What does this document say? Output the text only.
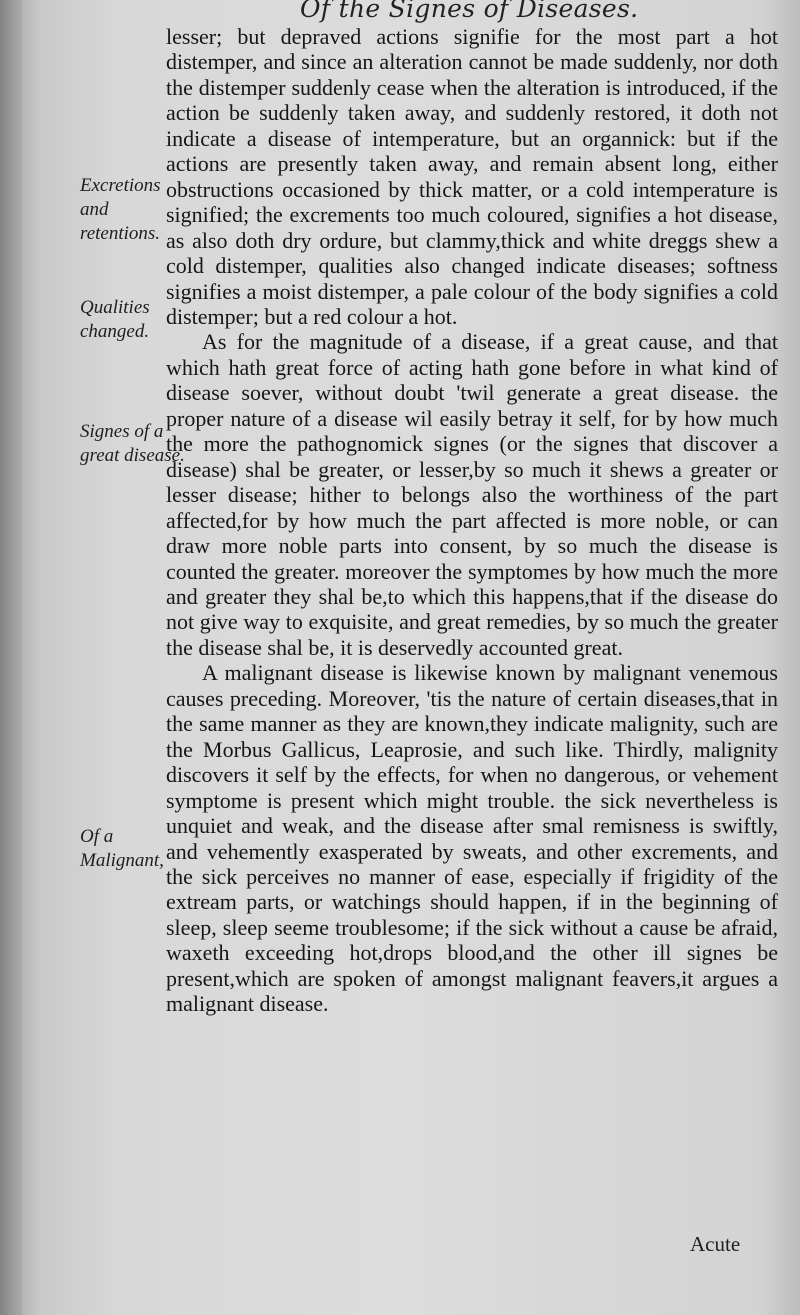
Of the Signes of Diseases.
Excretions and retentions.
Qualities changed.
Signes of a great disease.
Of a Malignant,

lesser; but depraved actions signifie for the most part a hot distemper, and since an alteration cannot be made suddenly, nor doth the distemper suddenly cease when the alteration is introduced, if the action be suddenly taken away, and suddenly restored, it doth not indicate a disease of intemperature, but an organnick: but if the actions are presently taken away, and remain absent long, either obstructions occasioned by thick matter, or a cold intemperature is signified; the excrements too much coloured, signifies a hot disease, as also doth dry ordure, but clammy,thick and white dreggs shew a cold distemper, qualities also changed indicate diseases; softness signifies a moist distemper, a pale colour of the body signifies a cold distemper; but a red colour a hot.

As for the magnitude of a disease, if a great cause, and that which hath great force of acting hath gone before in what kind of disease soever, without doubt 'twil generate a great disease. the proper nature of a disease wil easily betray it self, for by how much the more the pathognomick signes (or the signes that discover a disease) shal be greater, or lesser,by so much it shews a greater or lesser disease; hither to belongs also the worthiness of the part affected,for by how much the part affected is more noble, or can draw more noble parts into consent, by so much the disease is counted the greater. moreover the symptomes by how much the more and greater they shal be,to which this happens,that if the disease do not give way to exquisite, and great remedies, by so much the greater the disease shal be, it is deservedly accounted great.

A malignant disease is likewise known by malignant venemous causes preceding. Moreover, 'tis the nature of certain diseases,that in the same manner as they are known,they indicate malignity, such are the Morbus Gallicus, Leaprosie, and such like. Thirdly, malignity discovers it self by the effects, for when no dangerous, or vehement symptome is present which might trouble. the sick nevertheless is unquiet and weak, and the disease after smal remisness is swiftly, and vehemently exasperated by sweats, and other excrements, and the sick perceives no manner of ease, especially if frigidity of the extream parts, or watchings should happen, if in the beginning of sleep, sleep seeme troublesome; if the sick without a cause be afraid, waxeth exceeding hot,drops blood,and the other ill signes be present,which are spoken of amongst malignant feavers,it argues a malignant disease.

Acute
